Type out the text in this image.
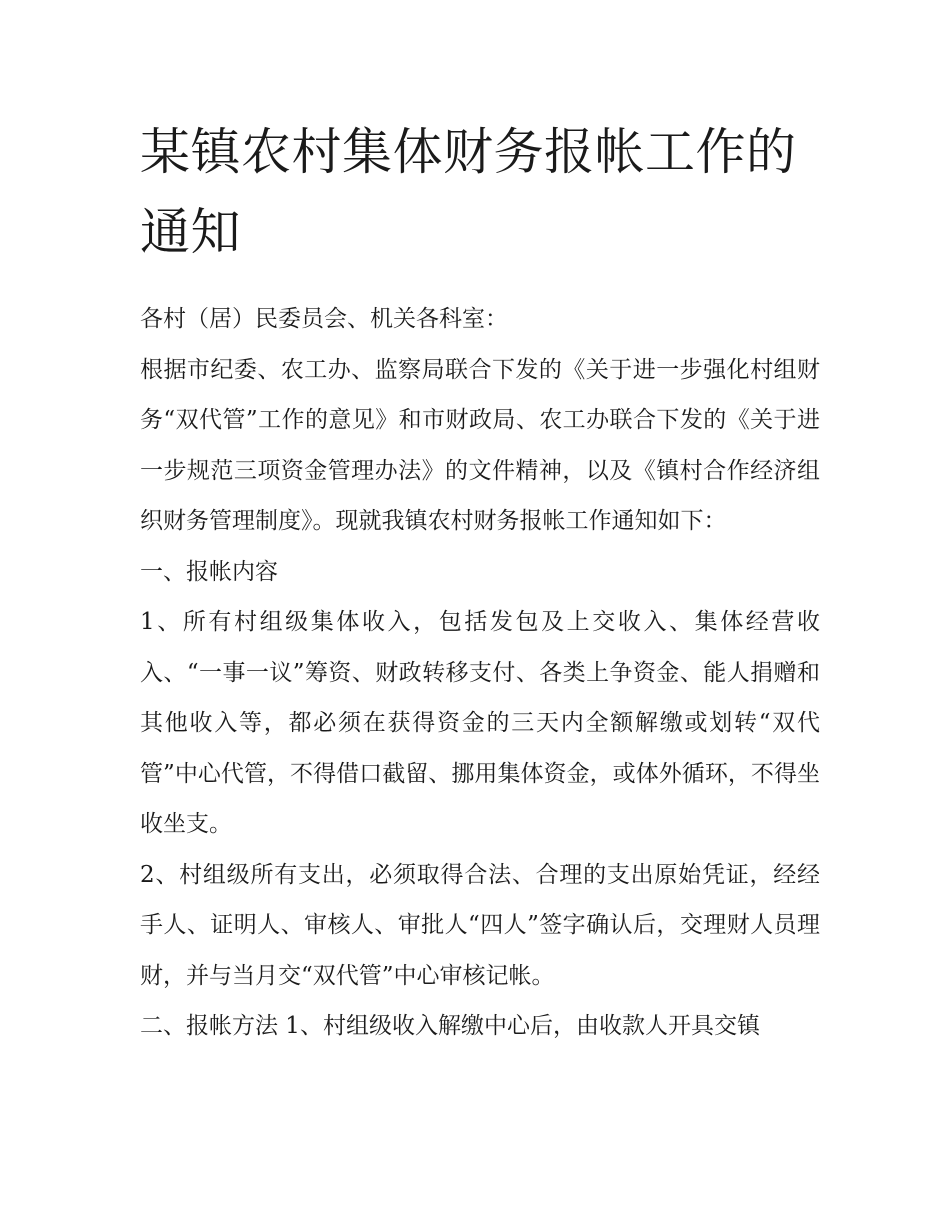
某镇农村集体财务报帐工作的通知

各村（居）民委员会、机关各科室：

根据市纪委、农工办、监察局联合下发的《关于进一步强化村组财务“双代管”工作的意见》和市财政局、农工办联合下发的《关于进一步规范三项资金管理办法》的文件精神，以及《镇村合作经济组织财务管理制度》。现就我镇农村财务报帐工作通知如下：

一、报帐内容

1、所有村组级集体收入，包括发包及上交收入、集体经营收入、“一事一议”筹资、财政转移支付、各类上争资金、能人捐赠和其他收入等，都必须在获得资金的三天内全额解缴或划转“双代管”中心代管，不得借口截留、挪用集体资金，或体外循环，不得坐收坐支。

2、村组级所有支出，必须取得合法、合理的支出原始凭证，经经手人、证明人、审核人、审批人“四人”签字确认后，交理财人员理财，并与当月交“双代管”中心审核记帐。

二、报帐方法 1、村组级收入解缴中心后，由收款人开具交镇
